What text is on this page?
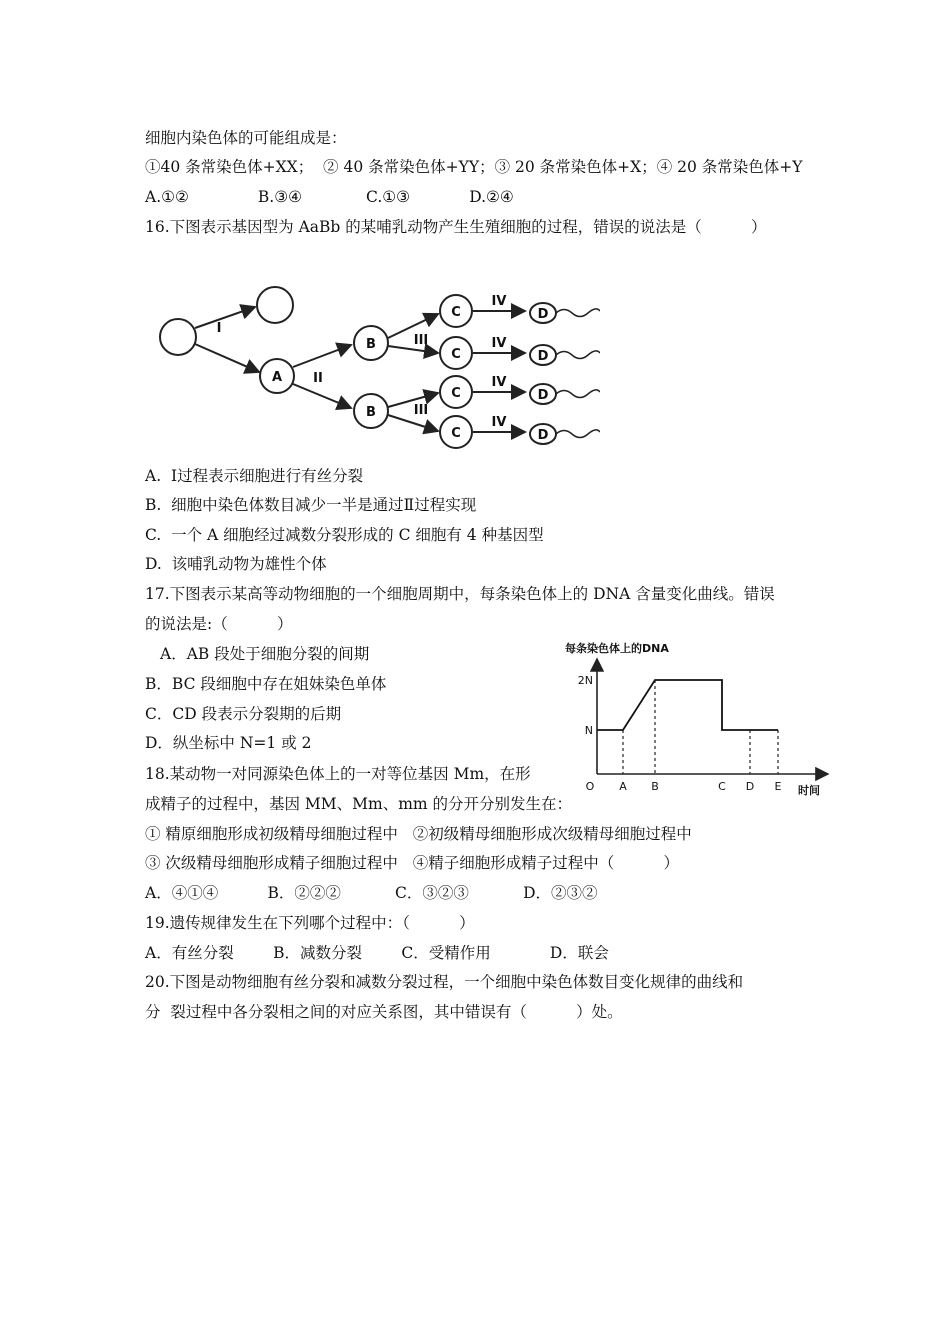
细胞内染色体的可能组成是：
①40 条常染色体+XX；  ② 40 条常染色体+YY；③ 20 条常染色体+X；④ 20 条常染色体+Y
A.①②              B.③④             C.①③            D.②④
16.下图表示基因型为 AaBb 的某哺乳动物产生生殖细胞的过程，错误的说法是（          ）
I
II
III
III
IV
IV
IV
IV
A
B
B
C
C
C
C
D
D
D
D
A.  Ⅰ过程表示细胞进行有丝分裂
B.  细胞中染色体数目减少一半是通过Ⅱ过程实现
C.  一个 A 细胞经过减数分裂形成的 C 细胞有 4 种基因型
D.  该哺乳动物为雄性个体
17.下图表示某高等动物细胞的一个细胞周期中，每条染色体上的 DNA 含量变化曲线。错误
的说法是:（          ）
A．AB 段处于细胞分裂的间期
B．BC 段细胞中存在姐妹染色单体
C．CD 段表示分裂期的后期
D．纵坐标中 N=1 或 2
每条染色体上的DNA
时间
O A B	C D E
N
2N
18.某动物一对同源染色体上的一对等位基因 Mm，在形
成精子的过程中，基因 MM、Mm、mm 的分开分别发生在：
① 精原细胞形成初级精母细胞过程中   ②初级精母细胞形成次级精母细胞过程中
③ 次级精母细胞形成精子细胞过程中   ④精子细胞形成精子过程中（          ）
A．④①④          B．②②②           C．③②③           D．②③②
19.遗传规律发生在下列哪个过程中：（          ）
A．有丝分裂        B．减数分裂        C．受精作用            D．联会
20.下图是动物细胞有丝分裂和减数分裂过程，一个细胞中染色体数目变化规律的曲线和
分  裂过程中各分裂相之间的对应关系图，其中错误有（          ）处。
